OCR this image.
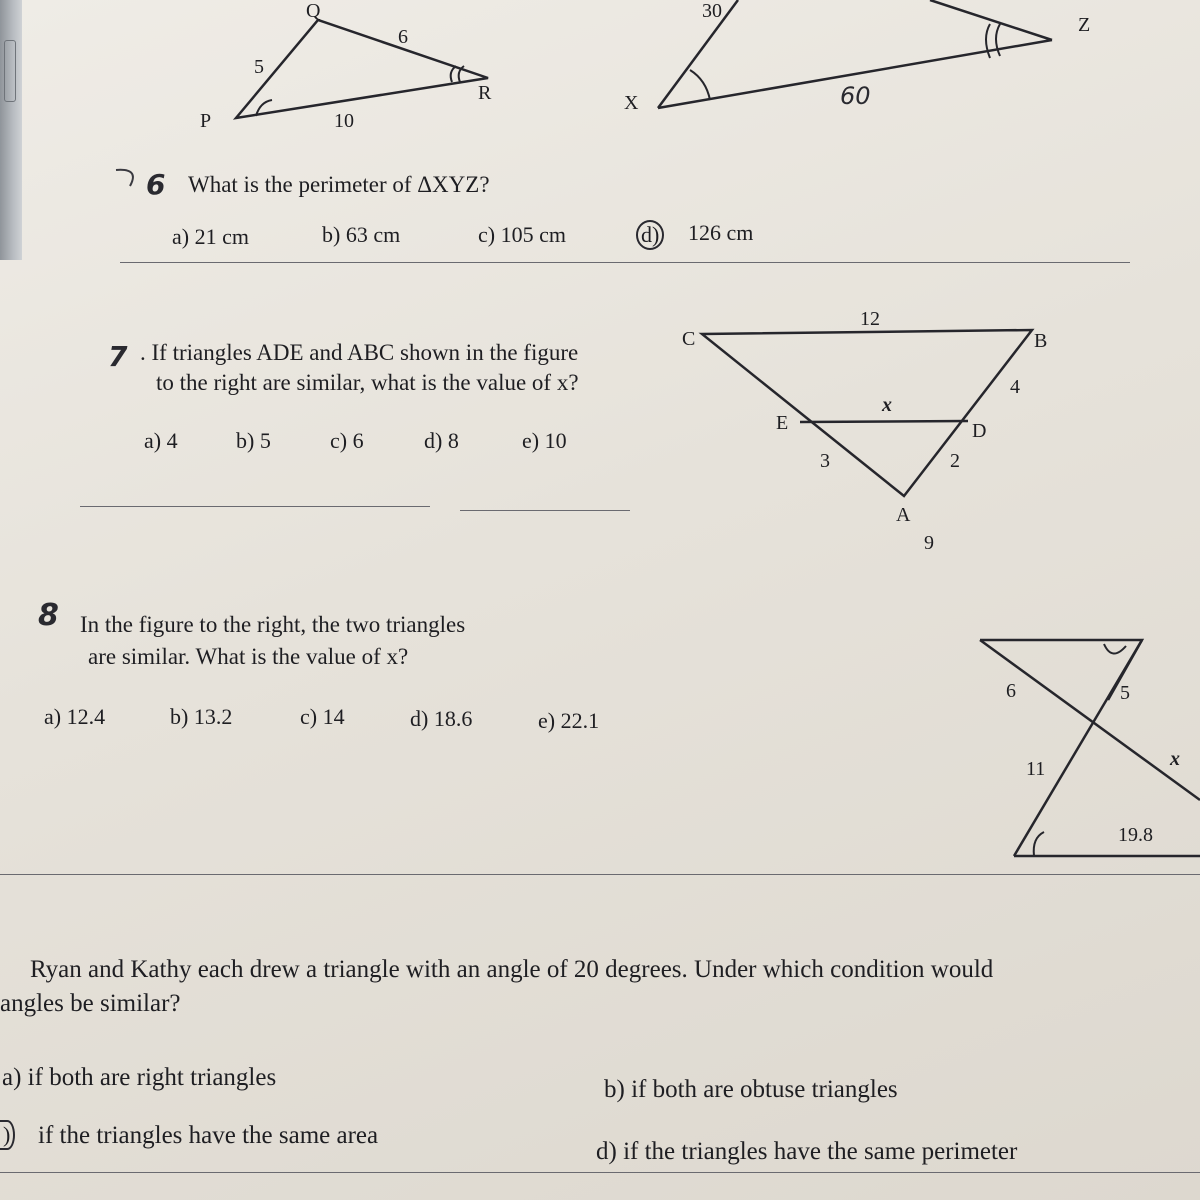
P
Q
R
5
6
10
X
Z
30
60
6 What is the perimeter of ΔXYZ?
a) 21 cm	b) 63 cm	c) 105 cm	d) 126 cm
7 . If triangles ADE and ABC shown in the figure
to the right are similar, what is the value of x?
a) 4	b) 5	c) 6	d) 8	e) 10
C	B
E	D
A
12
x
4
3	2
9
8 In the figure to the right, the two triangles
are similar. What is the value of x?
a) 12.4	b) 13.2	c) 14	d) 18.6	e) 22.1
6	5
11	x
19.8
Ryan and Kathy each drew a triangle with an angle of 20 degrees. Under which condition would
angles be similar?
a) if both are right triangles	b) if both are obtuse triangles
) if the triangles have the same area
d) if the triangles have the same perimeter
